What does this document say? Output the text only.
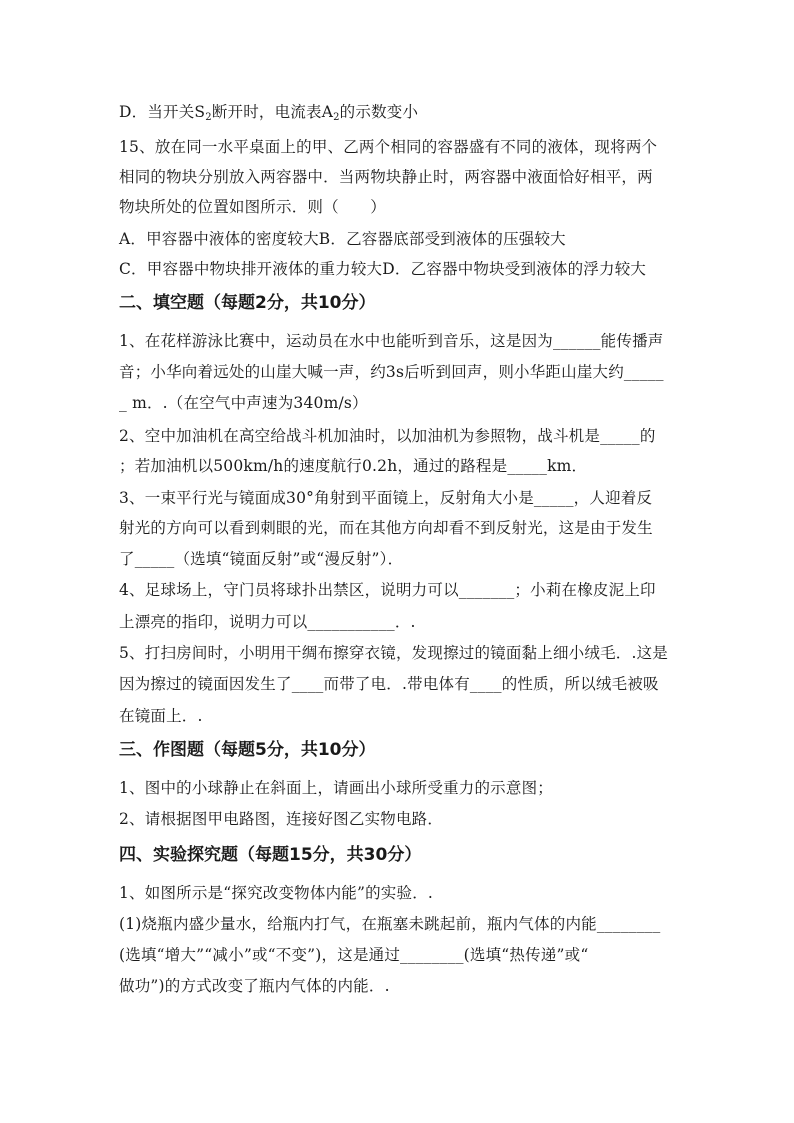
D．当开关$S_2$断开时，电流表$A_2$的示数变小
15、放在同一水平桌面上的甲、乙两个相同的容器盛有不同的液体，现将两个
相同的物块分别放入两容器中．当两物块静止时，两容器中液面恰好相平，两
物块所处的位置如图所示．则（　　）
A．甲容器中液体的密度较大B．乙容器底部受到液体的压强较大
C．甲容器中物块排开液体的重力较大D．乙容器中物块受到液体的浮力较大
二、填空题（每题2分，共10分）
1、在花样游泳比赛中，运动员在水中也能听到音乐，这是因为______能传播声
音；小华向着远处的山崖大喊一声，约3s后听到回声，则小华距山崖大约_____
_ m．.（在空气中声速为340m/s）
2、空中加油机在高空给战斗机加油时，以加油机为参照物，战斗机是_____的
；若加油机以500km/h的速度航行0.2h，通过的路程是_____km．
3、一束平行光与镜面成30°角射到平面镜上，反射角大小是_____，人迎着反
射光的方向可以看到刺眼的光，而在其他方向却看不到反射光，这是由于发生
了_____（选填“镜面反射”或“漫反射”）．
4、足球场上，守门员将球扑出禁区，说明力可以_______；小莉在橡皮泥上印
上漂亮的指印，说明力可以___________．.
5、打扫房间时，小明用干绸布擦穿衣镜，发现擦过的镜面黏上细小绒毛．.这是
因为擦过的镜面因发生了____而带了电．.带电体有____的性质，所以绒毛被吸
在镜面上．.
三、作图题（每题5分，共10分）
1、图中的小球静止在斜面上，请画出小球所受重力的示意图；
2、请根据图甲电路图，连接好图乙实物电路．
四、实验探究题（每题15分，共30分）
1、如图所示是“探究改变物体内能”的实验．.
(1)烧瓶内盛少量水，给瓶内打气，在瓶塞未跳起前，瓶内气体的内能________
(选填“增大”“减小”或“不变”)，这是通过________(选填“热传递”或“
做功”)的方式改变了瓶内气体的内能．.
